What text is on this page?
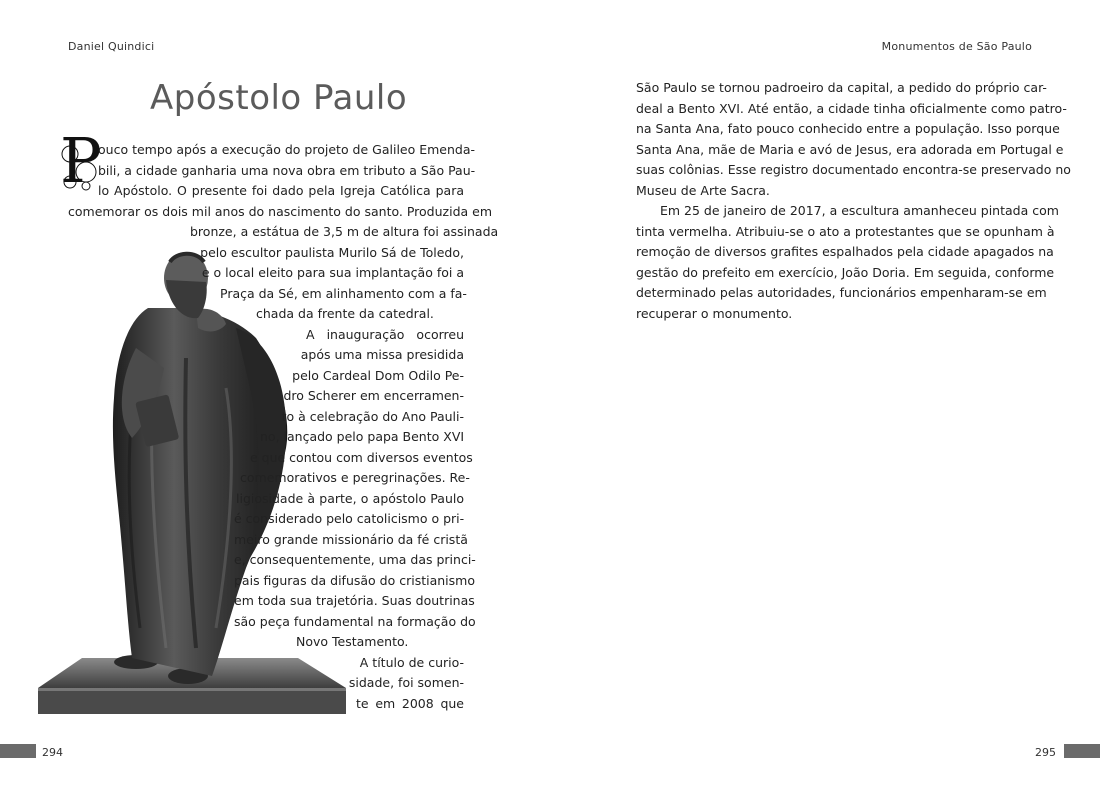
Daniel Quindici	Monumentos de São Paulo
Apóstolo Paulo
P
ouco tempo após a execução do projeto de Galileo Emenda-
bili, a cidade ganharia uma nova obra em tributo a São Pau-
lo Apóstolo. O presente foi dado pela Igreja Católica para
comemorar os dois mil anos do nascimento do santo. Produzida em
bronze, a estátua de 3,5 m de altura foi assinada
pelo escultor paulista Murilo Sá de Toledo,
e o local eleito para sua implantação foi a
Praça da Sé, em alinhamento com a fa-
chada da frente da catedral.
A inauguração ocorreu
após uma missa presidida
pelo Cardeal Dom Odilo Pe-
dro Scherer em encerramen-
to à celebração do Ano Pauli-
no, lançado pelo papa Bento XVI
e que contou com diversos eventos
comemorativos e peregrinações. Re-
ligiosidade à parte, o apóstolo Paulo
é considerado pelo catolicismo o pri-
meiro grande missionário da fé cristã
e, consequentemente, uma das princi-
pais figuras da difusão do cristianismo
em toda sua trajetória. Suas doutrinas
são peça fundamental na formação do
Novo Testamento.
A título de curio-
sidade, foi somen-
te em 2008 que
São Paulo se tornou padroeiro da capital, a pedido do próprio car-
deal a Bento XVI. Até então, a cidade tinha oficialmente como patro-
na Santa Ana, fato pouco conhecido entre a população. Isso porque
Santa Ana, mãe de Maria e avó de Jesus, era adorada em Portugal e
suas colônias. Esse registro documentado encontra-se preservado no
Museu de Arte Sacra.
Em 25 de janeiro de 2017, a escultura amanheceu pintada com
tinta vermelha. Atribuiu-se o ato a protestantes que se opunham à
remoção de diversos grafites espalhados pela cidade apagados na
gestão do prefeito em exercício, João Doria. Em seguida, conforme
determinado pelas autoridades, funcionários empenharam-se em
recuperar o monumento.
294	295
